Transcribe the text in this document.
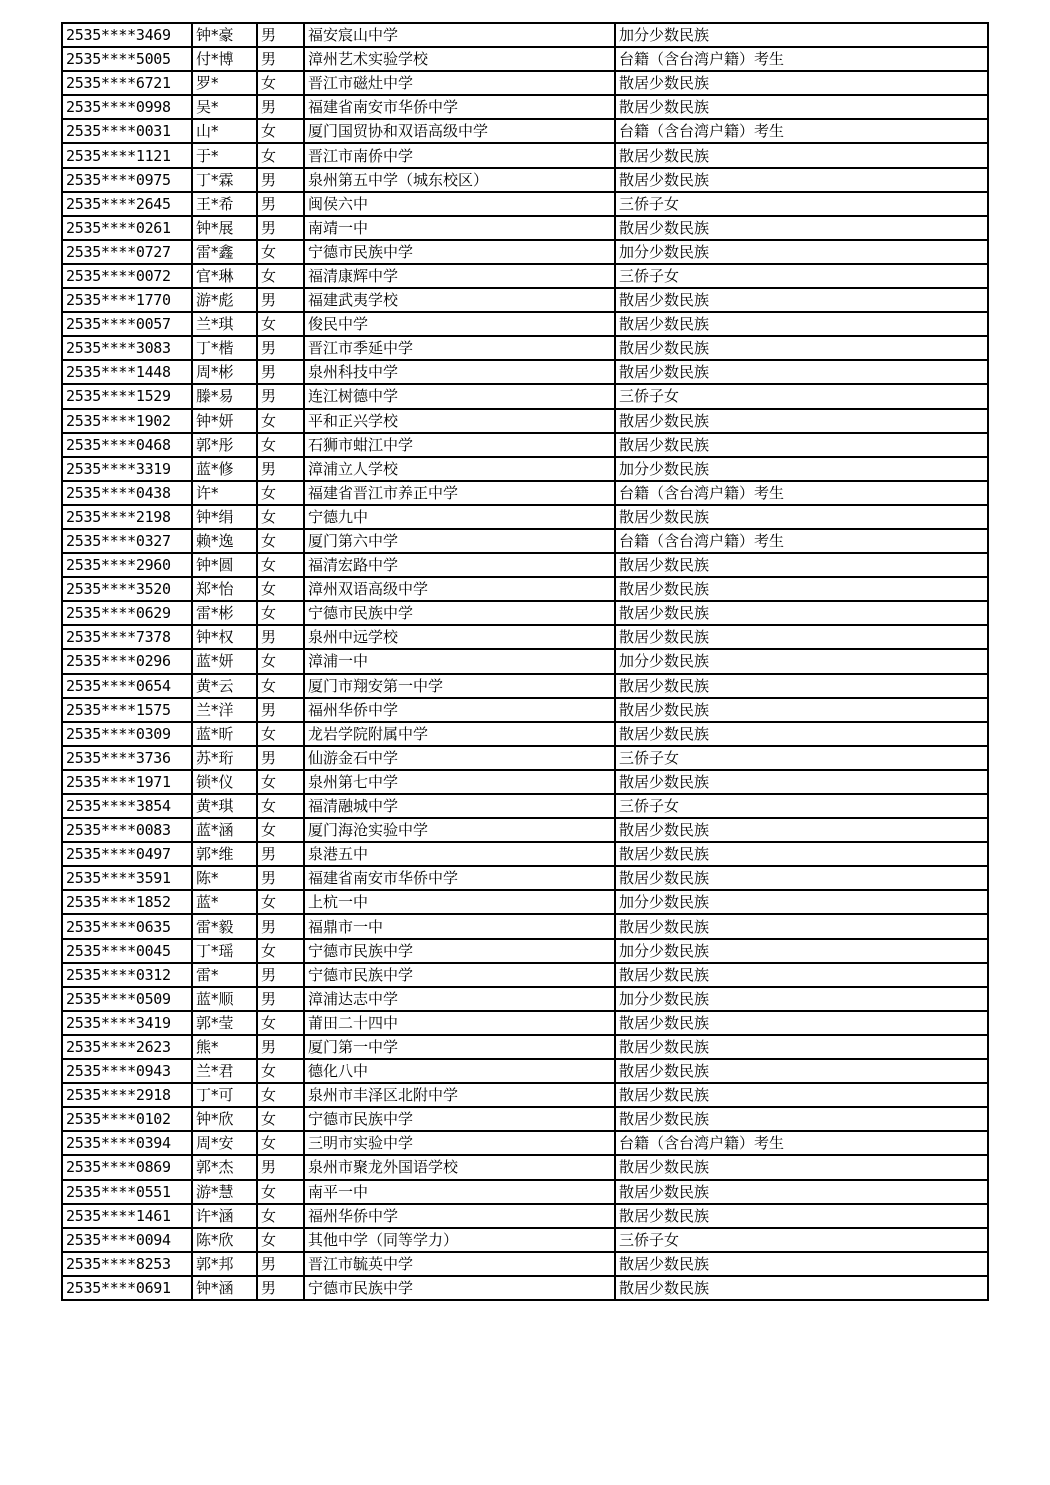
2535****3469	钟*豪	男	福安宸山中学	加分少数民族
2535****5005	付*博	男	漳州艺术实验学校	台籍（含台湾户籍）考生
2535****6721	罗*	女	晋江市磁灶中学	散居少数民族
2535****0998	吴*	男	福建省南安市华侨中学	散居少数民族
2535****0031	山*	女	厦门国贸协和双语高级中学	台籍（含台湾户籍）考生
2535****1121	于*	女	晋江市南侨中学	散居少数民族
2535****0975	丁*霖	男	泉州第五中学（城东校区）	散居少数民族
2535****2645	王*希	男	闽侯六中	三侨子女
2535****0261	钟*展	男	南靖一中	散居少数民族
2535****0727	雷*鑫	女	宁德市民族中学	加分少数民族
2535****0072	官*琳	女	福清康辉中学	三侨子女
2535****1770	游*彪	男	福建武夷学校	散居少数民族
2535****0057	兰*琪	女	俊民中学	散居少数民族
2535****3083	丁*楷	男	晋江市季延中学	散居少数民族
2535****1448	周*彬	男	泉州科技中学	散居少数民族
2535****1529	滕*易	男	连江树德中学	三侨子女
2535****1902	钟*妍	女	平和正兴学校	散居少数民族
2535****0468	郭*彤	女	石狮市蚶江中学	散居少数民族
2535****3319	蓝*修	男	漳浦立人学校	加分少数民族
2535****0438	许*	女	福建省晋江市养正中学	台籍（含台湾户籍）考生
2535****2198	钟*绢	女	宁德九中	散居少数民族
2535****0327	赖*逸	女	厦门第六中学	台籍（含台湾户籍）考生
2535****2960	钟*圆	女	福清宏路中学	散居少数民族
2535****3520	郑*怡	女	漳州双语高级中学	散居少数民族
2535****0629	雷*彬	女	宁德市民族中学	散居少数民族
2535****7378	钟*权	男	泉州中远学校	散居少数民族
2535****0296	蓝*妍	女	漳浦一中	加分少数民族
2535****0654	黄*云	女	厦门市翔安第一中学	散居少数民族
2535****1575	兰*洋	男	福州华侨中学	散居少数民族
2535****0309	蓝*昕	女	龙岩学院附属中学	散居少数民族
2535****3736	苏*珩	男	仙游金石中学	三侨子女
2535****1971	锁*仪	女	泉州第七中学	散居少数民族
2535****3854	黄*琪	女	福清融城中学	三侨子女
2535****0083	蓝*涵	女	厦门海沧实验中学	散居少数民族
2535****0497	郭*维	男	泉港五中	散居少数民族
2535****3591	陈*	男	福建省南安市华侨中学	散居少数民族
2535****1852	蓝*	女	上杭一中	加分少数民族
2535****0635	雷*毅	男	福鼎市一中	散居少数民族
2535****0045	丁*瑶	女	宁德市民族中学	加分少数民族
2535****0312	雷*	男	宁德市民族中学	散居少数民族
2535****0509	蓝*顺	男	漳浦达志中学	加分少数民族
2535****3419	郭*莹	女	莆田二十四中	散居少数民族
2535****2623	熊*	男	厦门第一中学	散居少数民族
2535****0943	兰*君	女	德化八中	散居少数民族
2535****2918	丁*可	女	泉州市丰泽区北附中学	散居少数民族
2535****0102	钟*欣	女	宁德市民族中学	散居少数民族
2535****0394	周*安	女	三明市实验中学	台籍（含台湾户籍）考生
2535****0869	郭*杰	男	泉州市聚龙外国语学校	散居少数民族
2535****0551	游*慧	女	南平一中	散居少数民族
2535****1461	许*涵	女	福州华侨中学	散居少数民族
2535****0094	陈*欣	女	其他中学（同等学力）	三侨子女
2535****8253	郭*邦	男	晋江市毓英中学	散居少数民族
2535****0691	钟*涵	男	宁德市民族中学	散居少数民族
